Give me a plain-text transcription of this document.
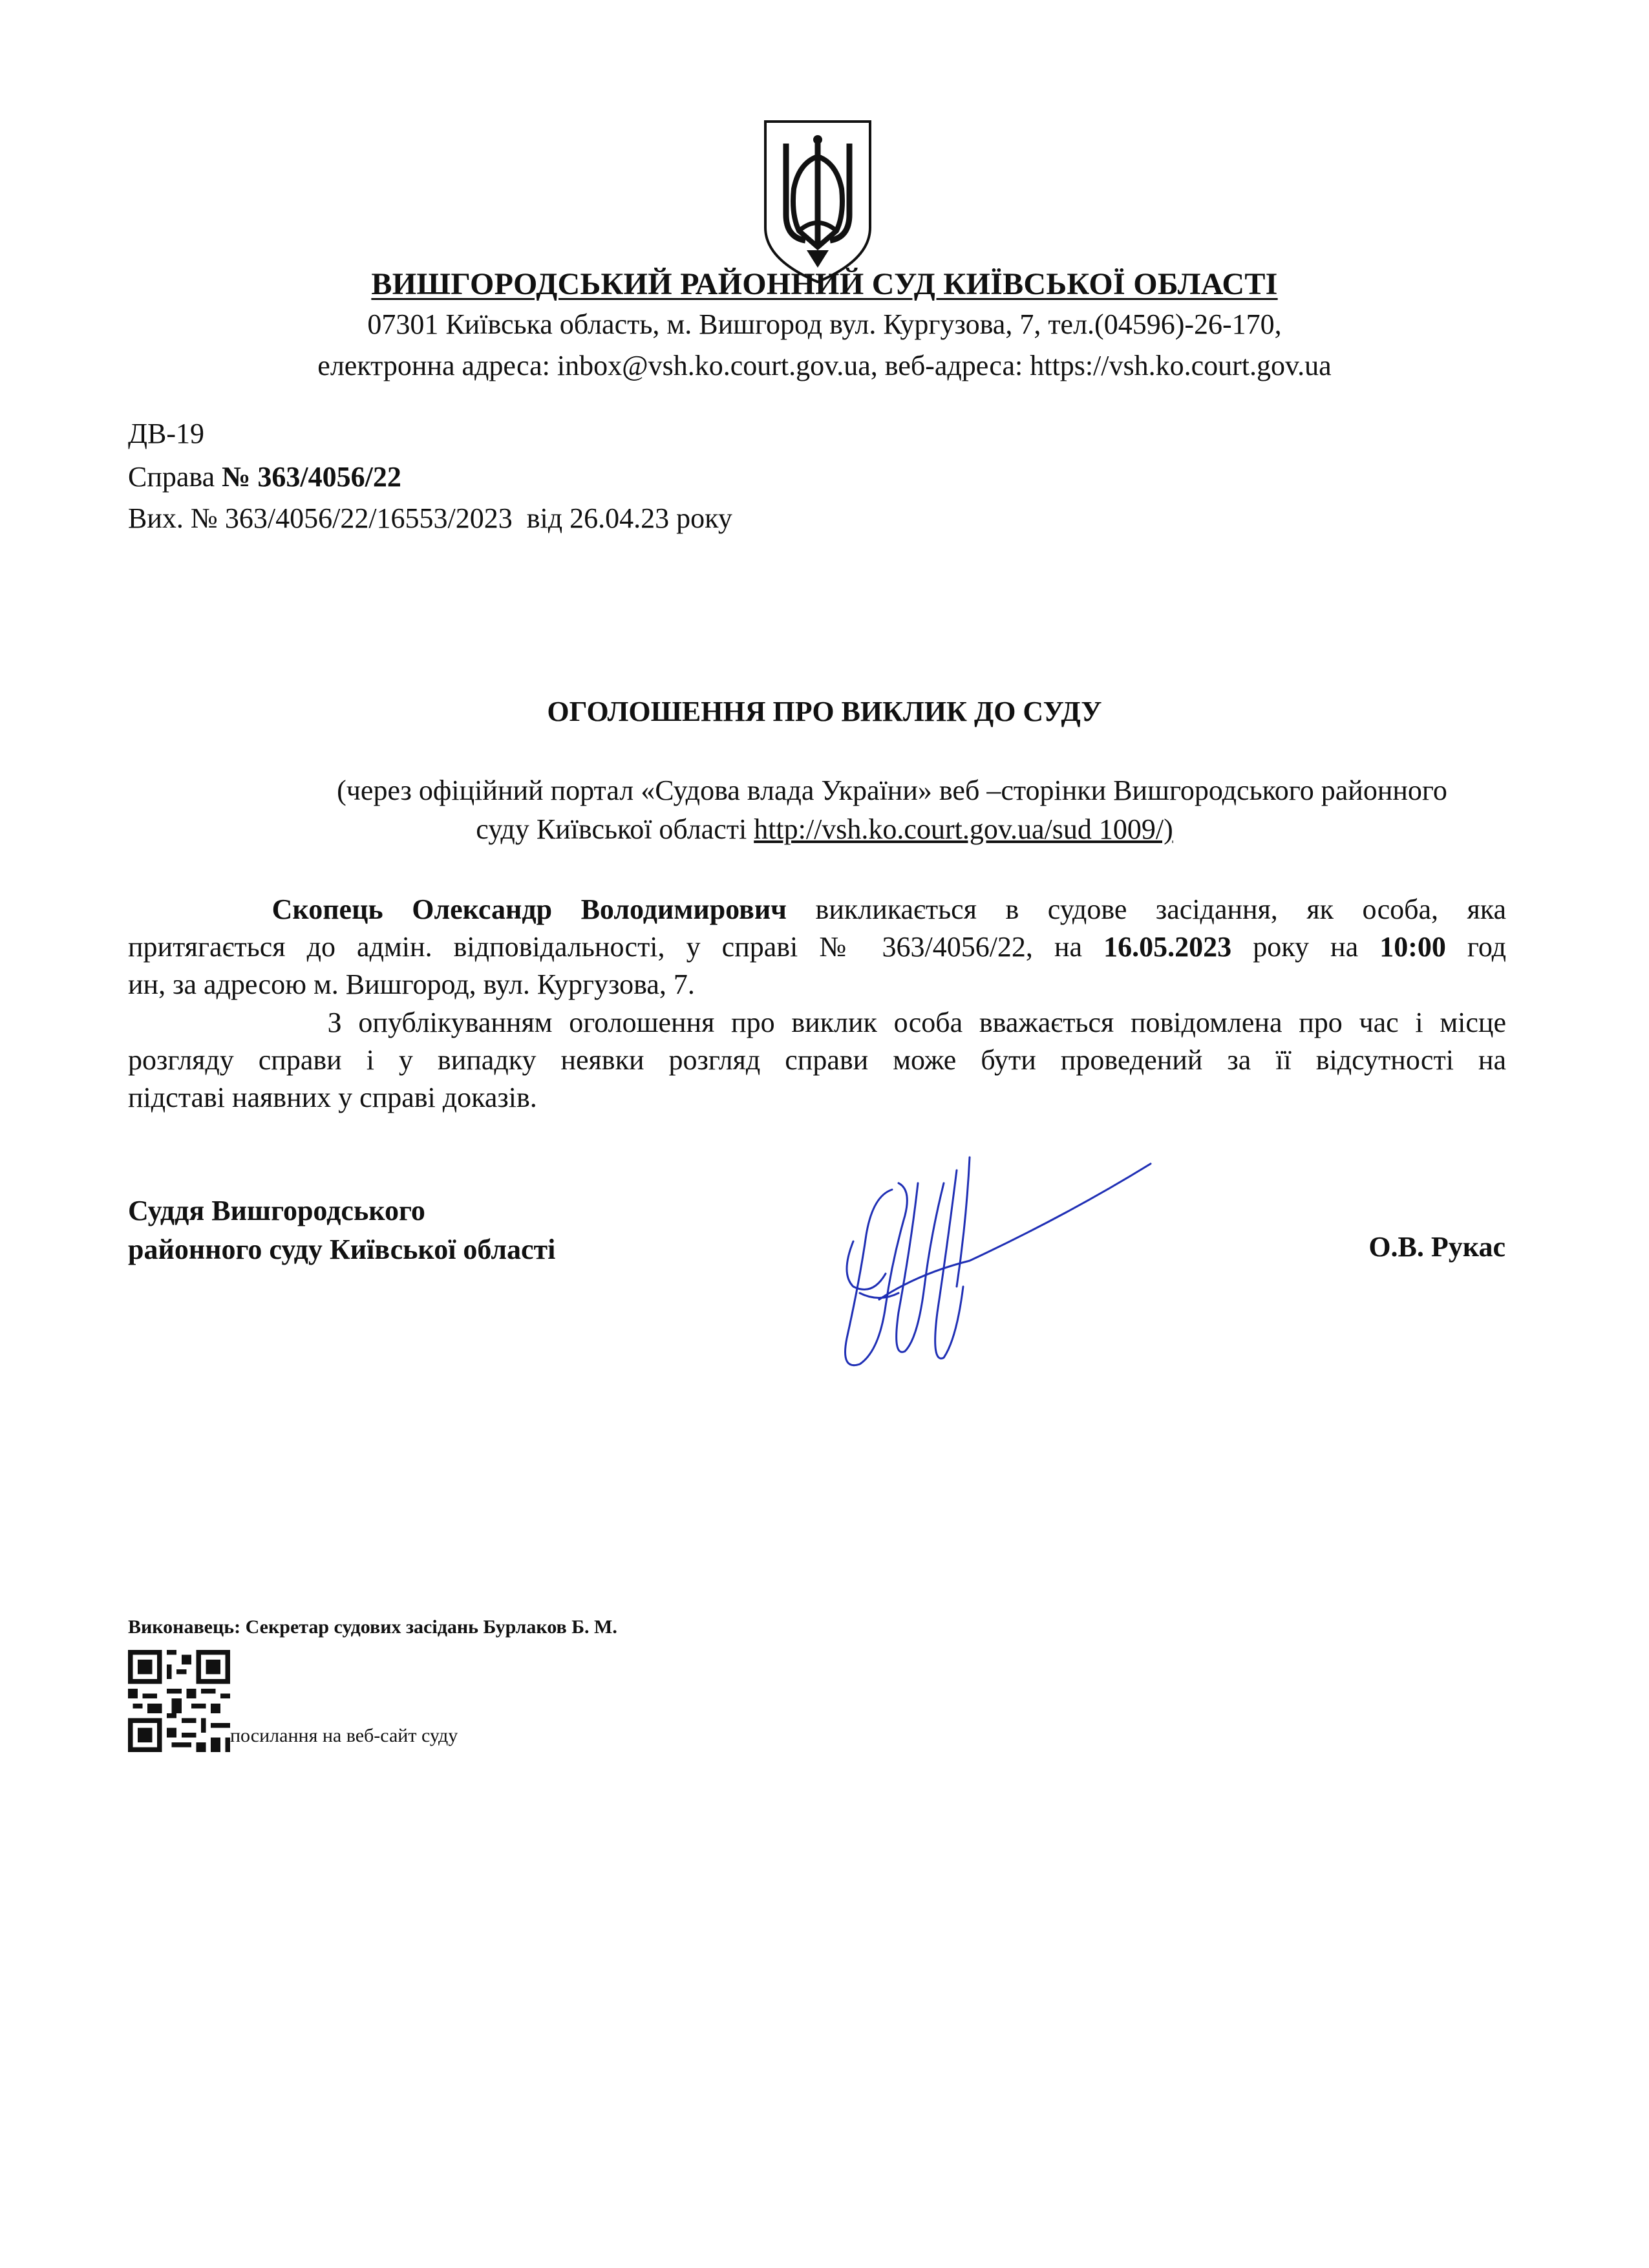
ВИШГОРОДСЬКИЙ РАЙОННИЙ СУД КИЇВСЬКОЇ ОБЛАСТІ
07301 Київська область, м. Вишгород вул. Кургузова, 7, тел.(04596)-26-170,
електронна адреса: inbox@vsh.ko.court.gov.ua, веб-адреса: https://vsh.ko.court.gov.ua
ДВ-19
Справа № 363/4056/22
Вих. № 363/4056/22/16553/2023  від 26.04.23 року
ОГОЛОШЕННЯ ПРО ВИКЛИК ДО СУДУ
(через офіційний портал «Судова влада України» веб –сторінки Вишгородського районного
суду Київської області http://vsh.ko.court.gov.ua/sud 1009/)
Скопець Олександр Володимирович викликається в судове засідання, як особа, яка
притягається до адмін. відповідальності, у справі № 363/4056/22, на 16.05.2023 року на 10:00 год
ин, за адресою м. Вишгород, вул. Кургузова, 7.
З опублікуванням оголошення про виклик особа вважається повідомлена про час і місце
розгляду справи і у випадку неявки розгляд справи може бути проведений за її відсутності на
підставі наявних у справі доказів.
Суддя Вишгородського
районного суду Київської області	О.В. Рукас
Виконавець: Секретар судових засідань Бурлаков Б. М.
посилання на веб-сайт суду
